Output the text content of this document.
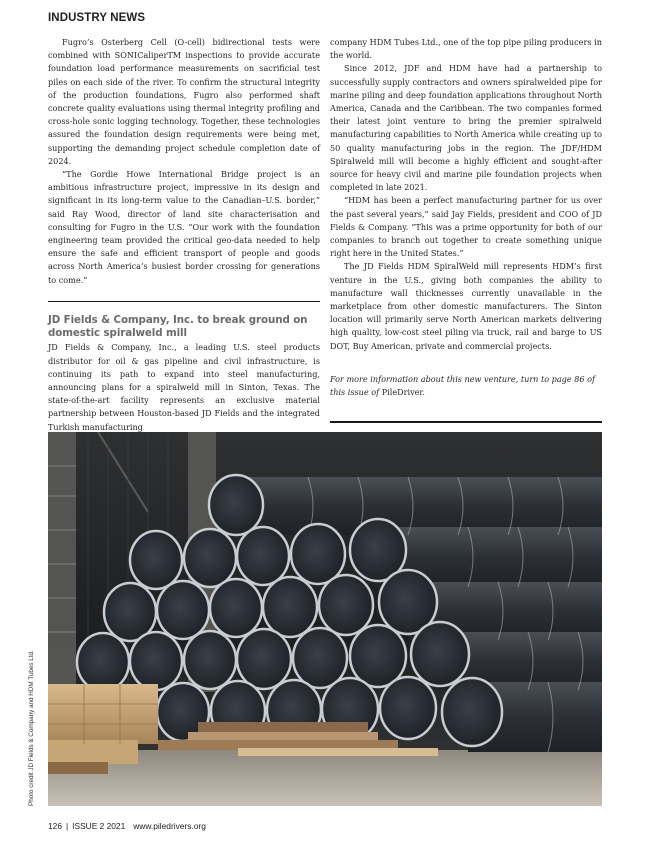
INDUSTRY NEWS

Fugro’s Osterberg Cell (O-cell) bidirectional tests were combined with SONICaliperTM inspections to provide accurate foundation load performance measurements on sacrificial test piles on each side of the river. To confirm the structural integrity of the production foundations, Fugro also performed shaft concrete quality evaluations using thermal integrity profiling and cross-hole sonic logging technology. Together, these technologies assured the foundation design requirements were being met, supporting the demanding project schedule completion date of 2024.

“The Gordie Howe International Bridge project is an ambitious infrastructure project, impressive in its design and significant in its long-term value to the Canadian–U.S. border,” said Ray Wood, director of land site characterisation and consulting for Fugro in the U.S. “Our work with the foundation engineering team provided the critical geo-data needed to help ensure the safe and efficient transport of people and goods across North America’s busiest border crossing for generations to come.”

JD Fields & Company, Inc. to break ground on domestic spiralweld mill

JD Fields & Company, Inc., a leading U.S. steel products distributor for oil & gas pipeline and civil infrastructure, is continuing its path to expand into steel manufacturing, announcing plans for a spiralweld mill in Sinton, Texas. The state-of-the-art facility represents an exclusive material partnership between Houston-based JD Fields and the integrated Turkish manufacturing

company HDM Tubes Ltd., one of the top pipe piling producers in the world.

Since 2012, JDF and HDM have had a partnership to successfully supply contractors and owners spiralwelded pipe for marine piling and deep foundation applications throughout North America, Canada and the Caribbean. The two companies formed their latest joint venture to bring the premier spiralweld manufacturing capabilities to North America while creating up to 50 quality manufacturing jobs in the region. The JDF/HDM Spiralweld mill will become a highly efficient and sought-after source for heavy civil and marine pile foundation projects when completed in late 2021.

“HDM has been a perfect manufacturing partner for us over the past several years,” said Jay Fields, president and COO of JD Fields & Company. “This was a prime opportunity for both of our companies to branch out together to create something unique right here in the United States.”

The JD Fields HDM SpiralWeld mill represents HDM’s first venture in the U.S., giving both companies the ability to manufacture wall thicknesses currently unavailable in the marketplace from other domestic manufacturers. The Sinton location will primarily serve North American markets delivering high quality, low-cost steel piling via truck, rail and barge to US DOT, Buy American, private and commercial projects.

For more information about this new venture, turn to page 86 of this issue of PileDriver.

Photo credit JD Fields & Company and HDM Tubes Ltd.
126 | ISSUE 2 2021 www.piledrivers.org
